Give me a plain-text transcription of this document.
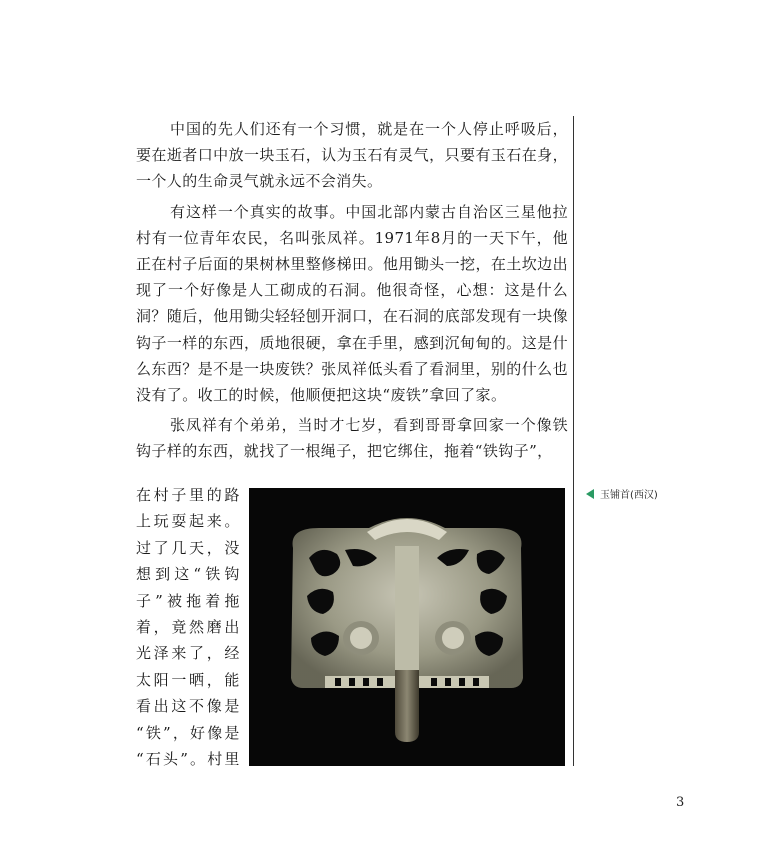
中国的先人们还有一个习惯，就是在一个人停止呼吸后，要在逝者口中放一块玉石，认为玉石有灵气，只要有玉石在身，一个人的生命灵气就永远不会消失。

有这样一个真实的故事。中国北部内蒙古自治区三星他拉村有一位青年农民，名叫张凤祥。1971年8月的一天下午，他正在村子后面的果树林里整修梯田。他用锄头一挖，在土坎边出现了一个好像是人工砌成的石洞。他很奇怪，心想：这是什么洞？随后，他用锄尖轻轻刨开洞口，在石洞的底部发现有一块像钩子一样的东西，质地很硬，拿在手里，感到沉甸甸的。这是什么东西？是不是一块废铁？张凤祥低头看了看洞里，别的什么也没有了。收工的时候，他顺便把这块“废铁”拿回了家。

张凤祥有个弟弟，当时才七岁，看到哥哥拿回家一个像铁钩子样的东西，就找了一根绳子，把它绑住，拖着“铁钩子”，

在村子里的路
上玩耍起来。
过了几天，没
想到这“铁钩
子”被拖着拖
着，竟然磨出
光泽来了，经
太阳一晒，能
看出这不像是
“铁”，好像是
“石头”。村里
玉铺首(西汉)
3
